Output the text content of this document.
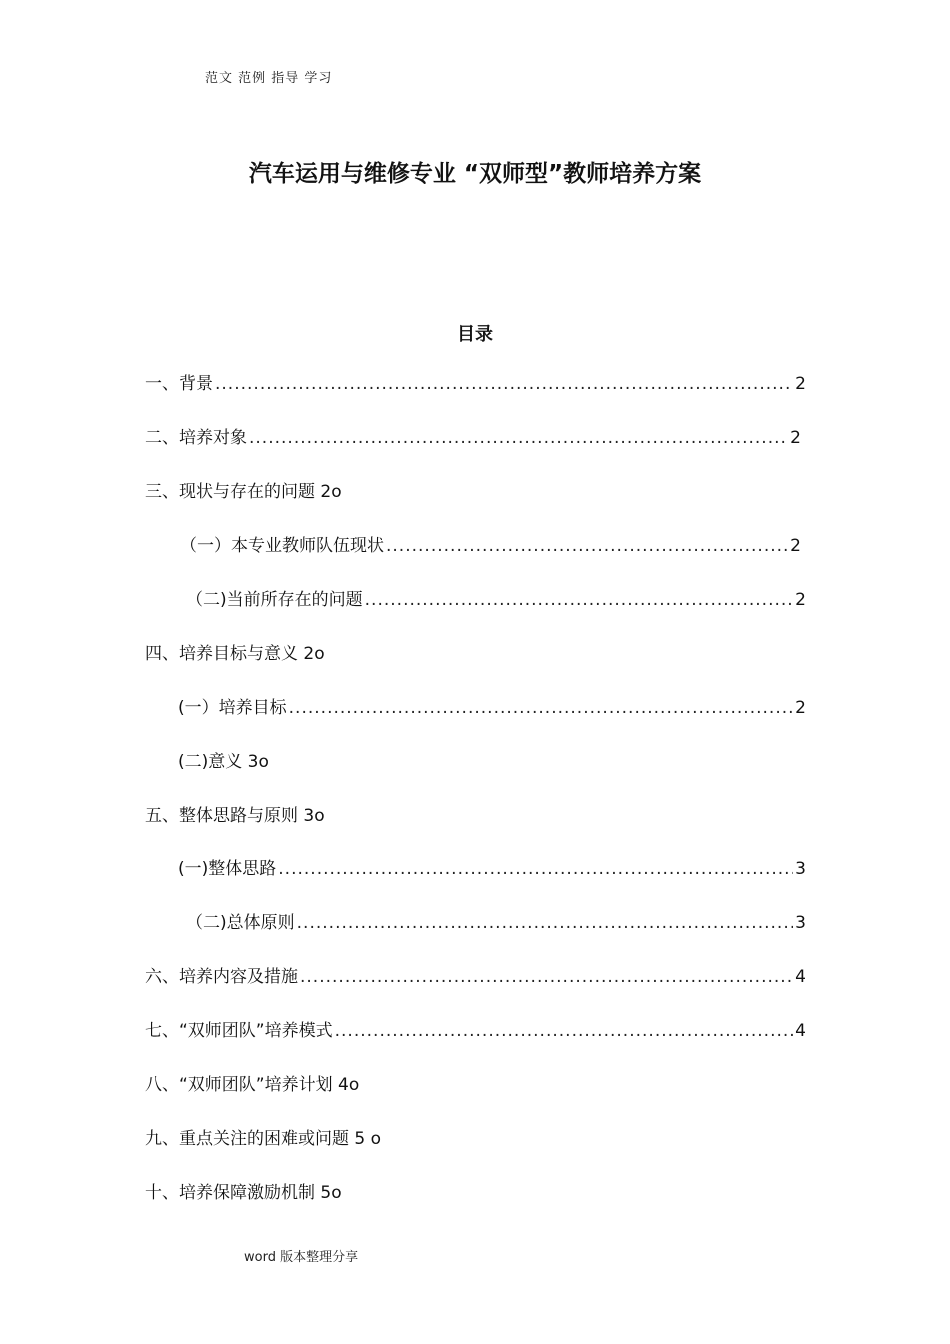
范文 范例 指导 学习
汽车运用与维修专业 “双师型”教师培养方案
目录
一、背景 .....	2
二、培养对象 .....	2
三、现状与存在的问题 2o
（一）本专业教师队伍现状 .....	2
（二)当前所存在的问题 .....	2
四、培养目标与意义 2o
(一）培养目标 .....	2
(二)意义 3o
五、整体思路与原则 3o
(一)整体思路 .....	3
（二)总体原则 .....	3
六、培养内容及措施 .....	4
七、“双师团队”培养模式 .....	4
八、“双师团队”培养计划 4o
九、重点关注的困难或问题 5 o
十、培养保障激励机制 5o
word 版本整理分享
